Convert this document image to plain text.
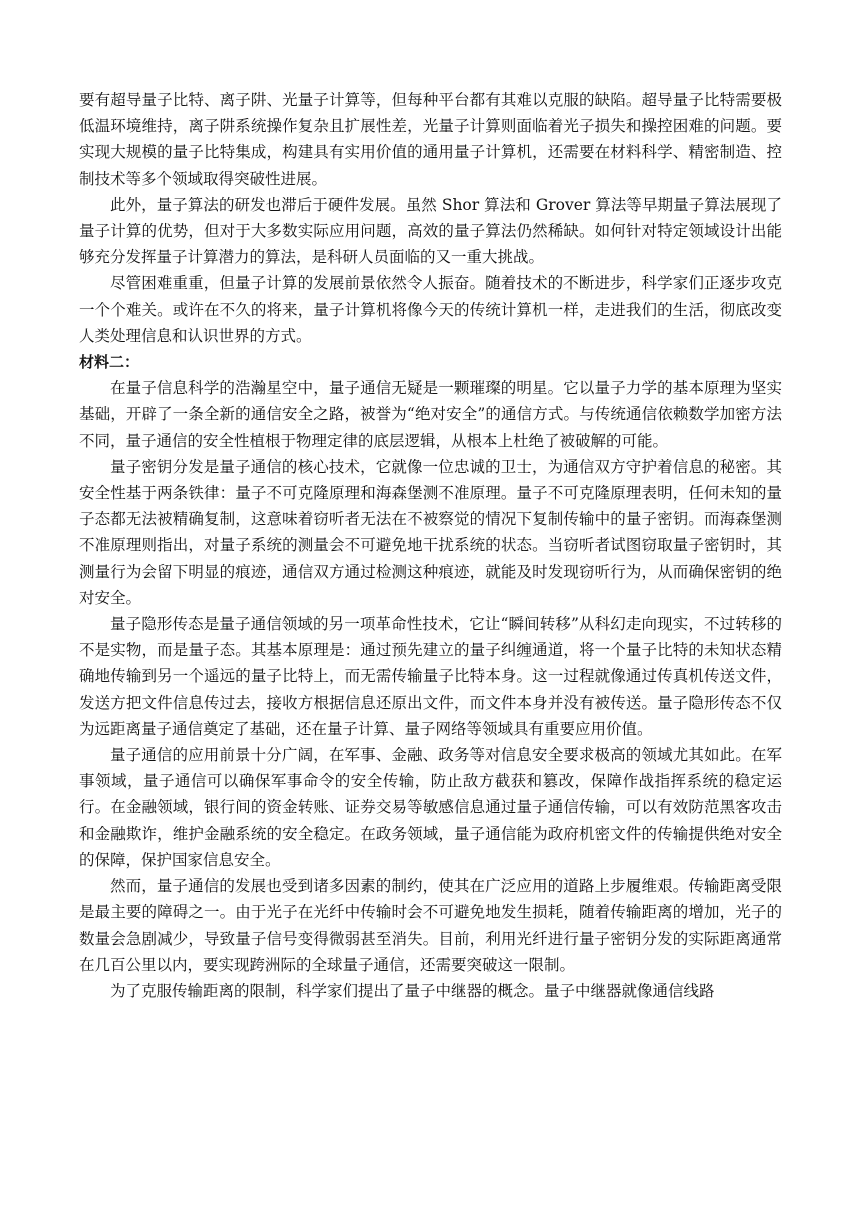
要有超导量子比特、离子阱、光量子计算等，但每种平台都有其难以克服的缺陷。超导量子比特需要极低温环境维持，离子阱系统操作复杂且扩展性差，光量子计算则面临着光子损失和操控困难的问题。要实现大规模的量子比特集成，构建具有实用价值的通用量子计算机，还需要在材料科学、精密制造、控制技术等多个领域取得突破性进展。

此外，量子算法的研发也滞后于硬件发展。虽然 Shor 算法和 Grover 算法等早期量子算法展现了量子计算的优势，但对于大多数实际应用问题，高效的量子算法仍然稀缺。如何针对特定领域设计出能够充分发挥量子计算潜力的算法，是科研人员面临的又一重大挑战。

尽管困难重重，但量子计算的发展前景依然令人振奋。随着技术的不断进步，科学家们正逐步攻克一个个难关。或许在不久的将来，量子计算机将像今天的传统计算机一样，走进我们的生活，彻底改变人类处理信息和认识世界的方式。

材料二：

在量子信息科学的浩瀚星空中，量子通信无疑是一颗璀璨的明星。它以量子力学的基本原理为坚实基础，开辟了一条全新的通信安全之路，被誉为“绝对安全”的通信方式。与传统通信依赖数学加密方法不同，量子通信的安全性植根于物理定律的底层逻辑，从根本上杜绝了被破解的可能。

量子密钥分发是量子通信的核心技术，它就像一位忠诚的卫士，为通信双方守护着信息的秘密。其安全性基于两条铁律：量子不可克隆原理和海森堡测不准原理。量子不可克隆原理表明，任何未知的量子态都无法被精确复制，这意味着窃听者无法在不被察觉的情况下复制传输中的量子密钥。而海森堡测不准原理则指出，对量子系统的测量会不可避免地干扰系统的状态。当窃听者试图窃取量子密钥时，其测量行为会留下明显的痕迹，通信双方通过检测这种痕迹，就能及时发现窃听行为，从而确保密钥的绝对安全。

量子隐形传态是量子通信领域的另一项革命性技术，它让“瞬间转移”从科幻走向现实，不过转移的不是实物，而是量子态。其基本原理是：通过预先建立的量子纠缠通道，将一个量子比特的未知状态精确地传输到另一个遥远的量子比特上，而无需传输量子比特本身。这一过程就像通过传真机传送文件，发送方把文件信息传过去，接收方根据信息还原出文件，而文件本身并没有被传送。量子隐形传态不仅为远距离量子通信奠定了基础，还在量子计算、量子网络等领域具有重要应用价值。

量子通信的应用前景十分广阔，在军事、金融、政务等对信息安全要求极高的领域尤其如此。在军事领域，量子通信可以确保军事命令的安全传输，防止敌方截获和篡改，保障作战指挥系统的稳定运行。在金融领域，银行间的资金转账、证券交易等敏感信息通过量子通信传输，可以有效防范黑客攻击和金融欺诈，维护金融系统的安全稳定。在政务领域，量子通信能为政府机密文件的传输提供绝对安全的保障，保护国家信息安全。

然而，量子通信的发展也受到诸多因素的制约，使其在广泛应用的道路上步履维艰。传输距离受限是最主要的障碍之一。由于光子在光纤中传输时会不可避免地发生损耗，随着传输距离的增加，光子的数量会急剧减少，导致量子信号变得微弱甚至消失。目前，利用光纤进行量子密钥分发的实际距离通常在几百公里以内，要实现跨洲际的全球量子通信，还需要突破这一限制。

为了克服传输距离的限制，科学家们提出了量子中继器的概念。量子中继器就像通信线路
